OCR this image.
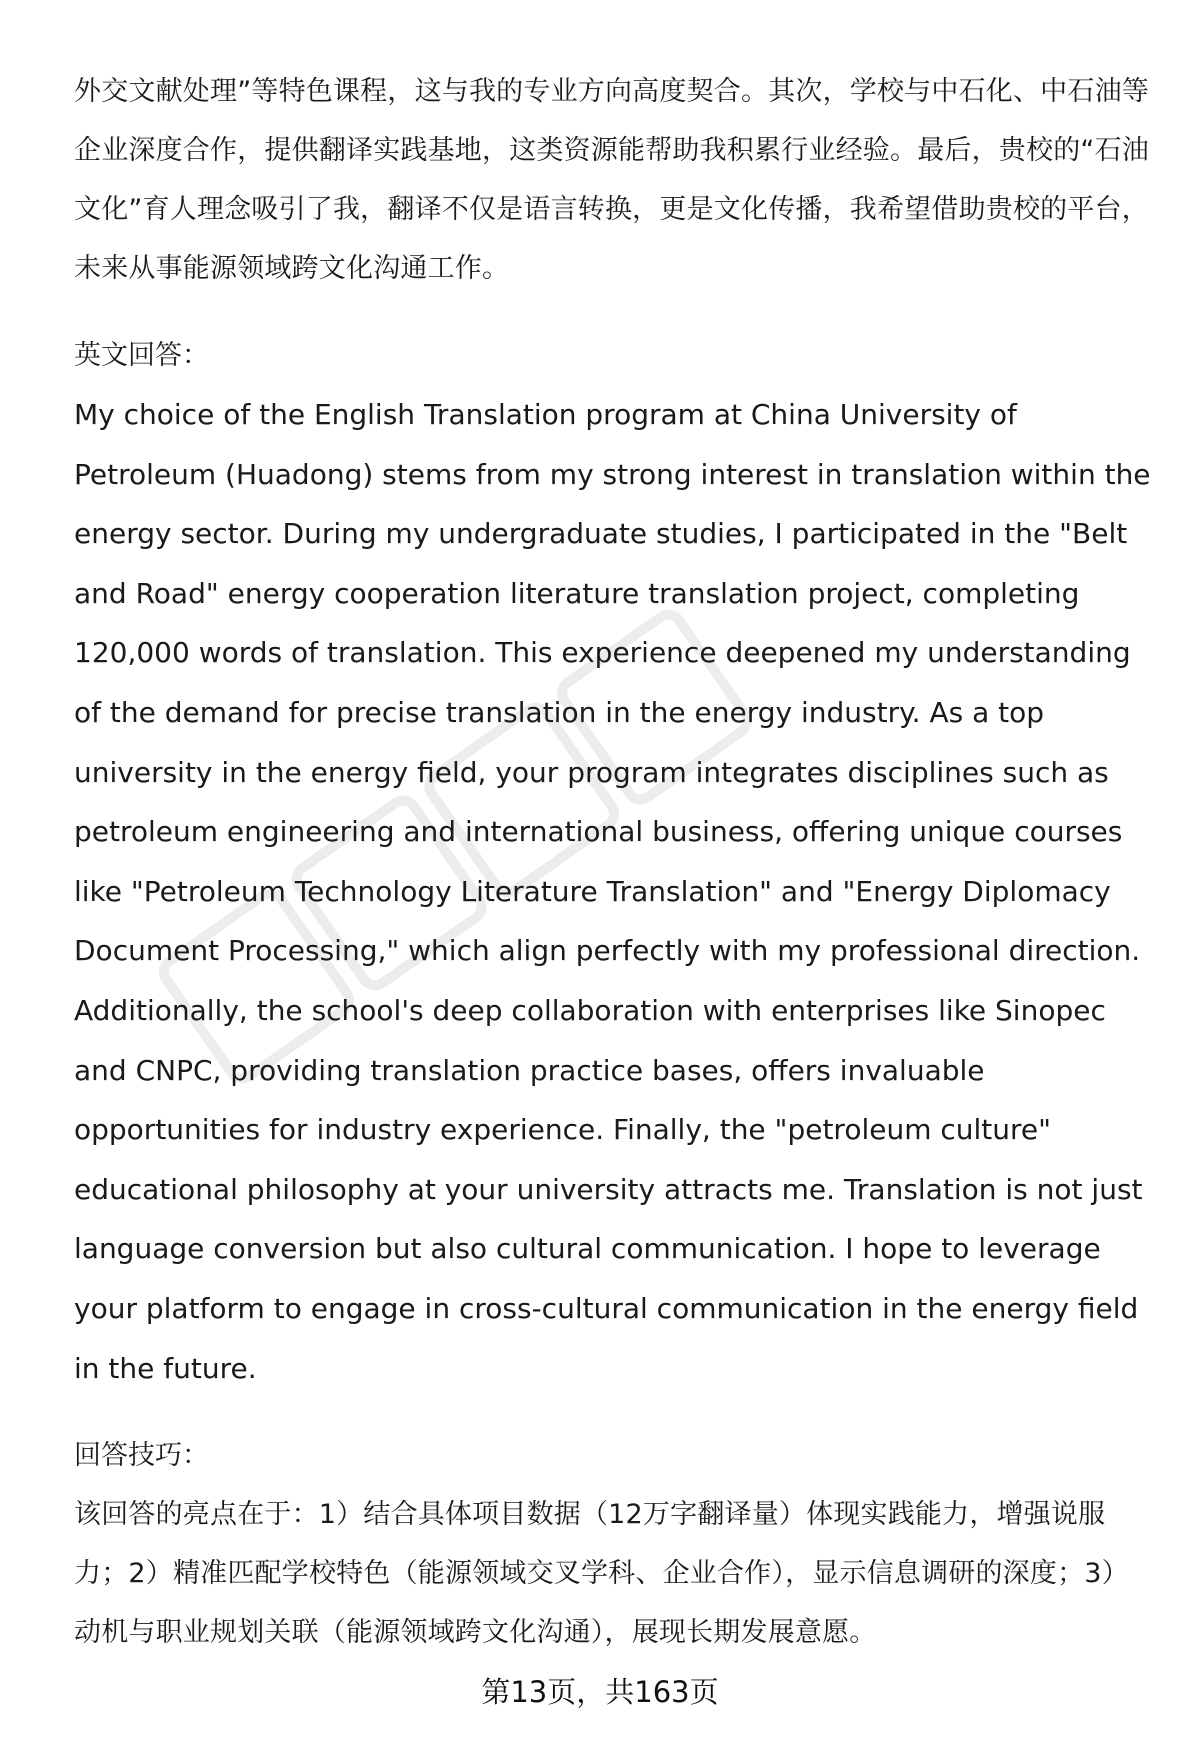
外交文献处理”等特色课程，这与我的专业方向高度契合。其次，学校与中石化、中石油等企业深度合作，提供翻译实践基地，这类资源能帮助我积累行业经验。最后，贵校的“石油文化”育人理念吸引了我，翻译不仅是语言转换，更是文化传播，我希望借助贵校的平台，未来从事能源领域跨文化沟通工作。

英文回答：

My choice of the English Translation program at China University of Petroleum (Huadong) stems from my strong interest in translation within the energy sector. During my undergraduate studies, I participated in the "Belt and Road" energy cooperation literature translation project, completing 120,000 words of translation. This experience deepened my understanding of the demand for precise translation in the energy industry. As a top university in the energy field, your program integrates disciplines such as petroleum engineering and international business, offering unique courses like "Petroleum Technology Literature Translation" and "Energy Diplomacy Document Processing," which align perfectly with my professional direction. Additionally, the school's deep collaboration with enterprises like Sinopec and CNPC, providing translation practice bases, offers invaluable opportunities for industry experience. Finally, the "petroleum culture" educational philosophy at your university attracts me. Translation is not just language conversion but also cultural communication. I hope to leverage your platform to engage in cross-cultural communication in the energy field in the future.

回答技巧：

该回答的亮点在于：1）结合具体项目数据（12万字翻译量）体现实践能力，增强说服力；2）精准匹配学校特色（能源领域交叉学科、企业合作），显示信息调研的深度；3）动机与职业规划关联（能源领域跨文化沟通），展现长期发展意愿。

第13页，共163页
